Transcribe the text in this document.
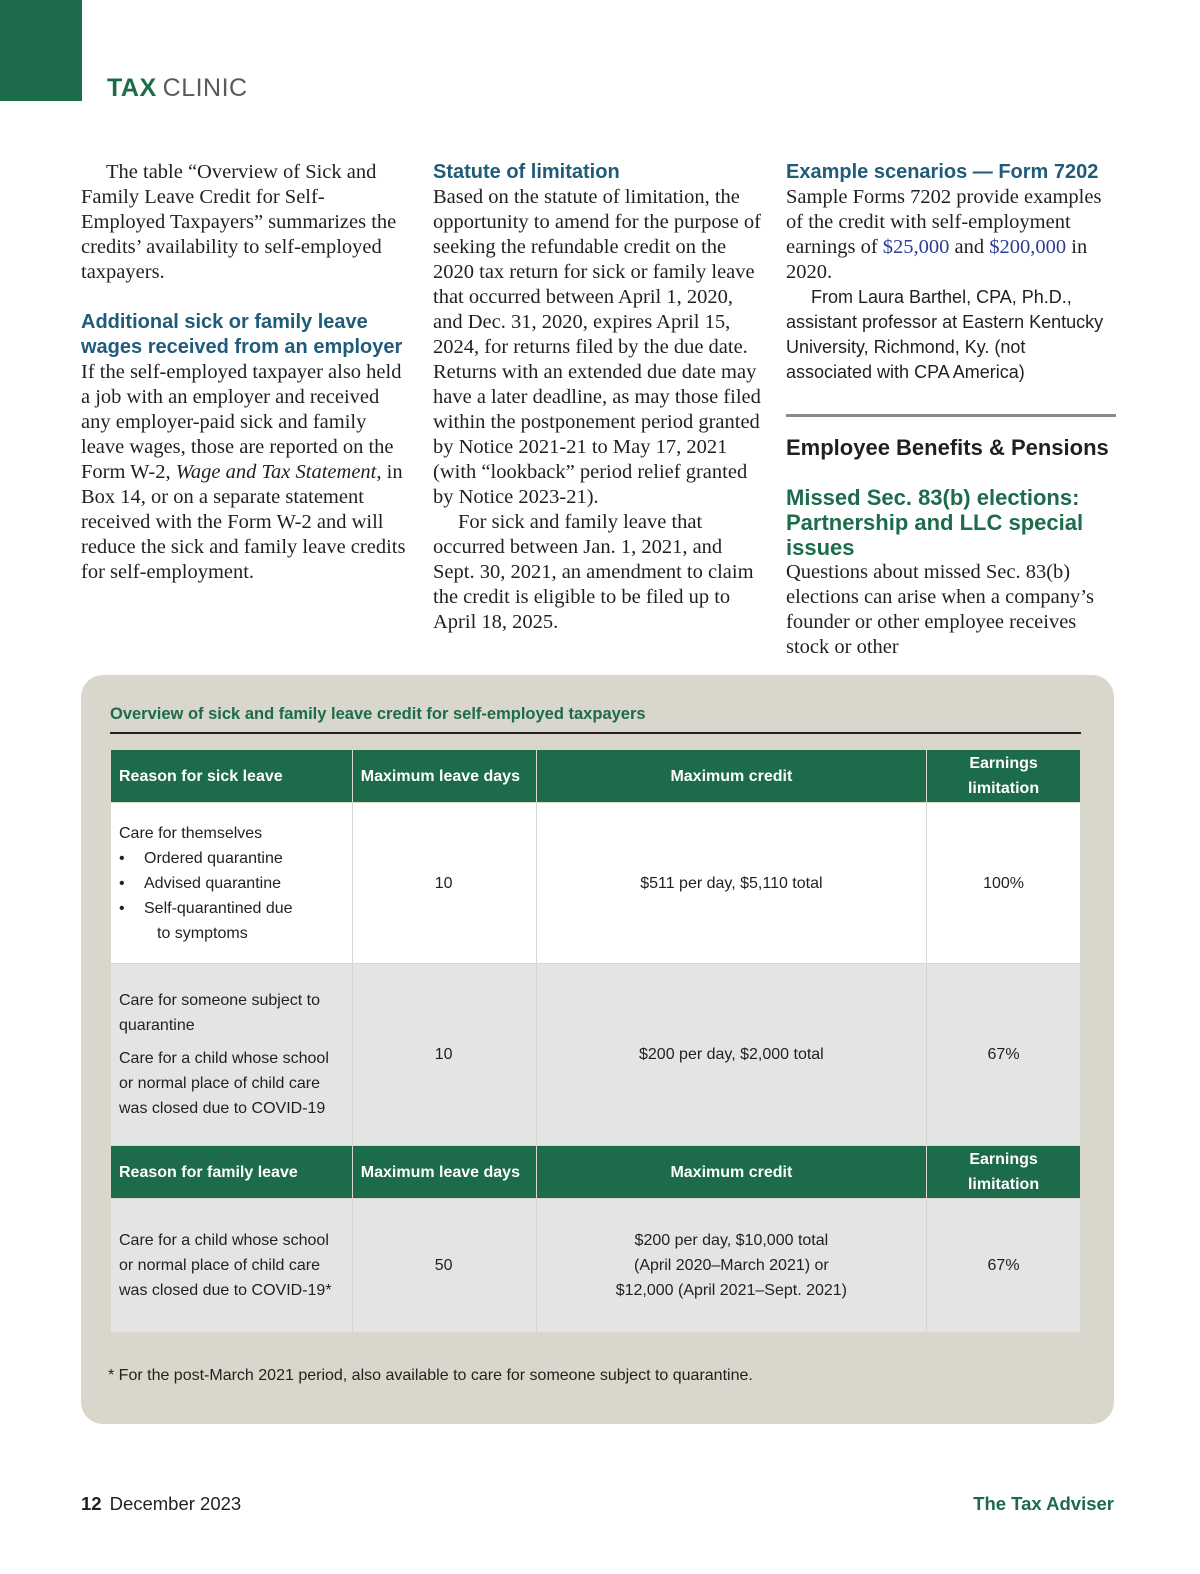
TAX CLINIC

The table “Overview of Sick and Family Leave Credit for Self-Employed Taxpayers” summarizes the credits’ availability to self-employed taxpayers.

Additional sick or family leave wages received from an employer

If the self-employed taxpayer also held a job with an employer and received any employer-paid sick and family leave wages, those are reported on the Form W-2, Wage and Tax Statement, in Box 14, or on a separate statement received with the Form W-2 and will reduce the sick and family leave credits for self-employment.

Statute of limitation

Based on the statute of limitation, the opportunity to amend for the purpose of seeking the refundable credit on the 2020 tax return for sick or family leave that occurred between April 1, 2020, and Dec. 31, 2020, expires April 15, 2024, for returns filed by the due date. Returns with an extended due date may have a later deadline, as may those filed within the postponement period granted by Notice 2021-21 to May 17, 2021 (with “lookback” period relief granted by Notice 2023-21).

For sick and family leave that occurred between Jan. 1, 2021, and Sept. 30, 2021, an amendment to claim the credit is eligible to be filed up to April 18, 2025.

Example scenarios — Form 7202

Sample Forms 7202 provide examples of the credit with self-employment earnings of $25,000 and $200,000 in 2020.

From Laura Barthel, CPA, Ph.D., assistant professor at Eastern Kentucky University, Richmond, Ky. (not associated with CPA America)

Employee Benefits & Pensions

Missed Sec. 83(b) elections: Partnership and LLC special issues

Questions about missed Sec. 83(b) elections can arise when a company’s founder or other employee receives stock or other

Overview of sick and family leave credit for self-employed taxpayers
Reason for sick leave	Maximum leave days	Maximum credit	Earnings limitation

Care for themselves
• Ordered quarantine
• Advised quarantine
• Self-quarantined due
to symptoms	10	$511 per day, $5,110 total	100%

Care for someone subject to quarantine
Care for a child whose school or normal place of child care was closed due to COVID-19	10	$200 per day, $2,000 total	67%
Reason for family leave	Maximum leave days	Maximum credit	Earnings limitation
Care for a child whose school or normal place of child care was closed due to COVID-19*	50	$200 per day, $10,000 total
(April 2020–March 2021) or
$12,000 (April 2021–Sept. 2021)	67%
* For the post-March 2021 period, also available to care for someone subject to quarantine.
12 December 2023	The Tax Adviser
